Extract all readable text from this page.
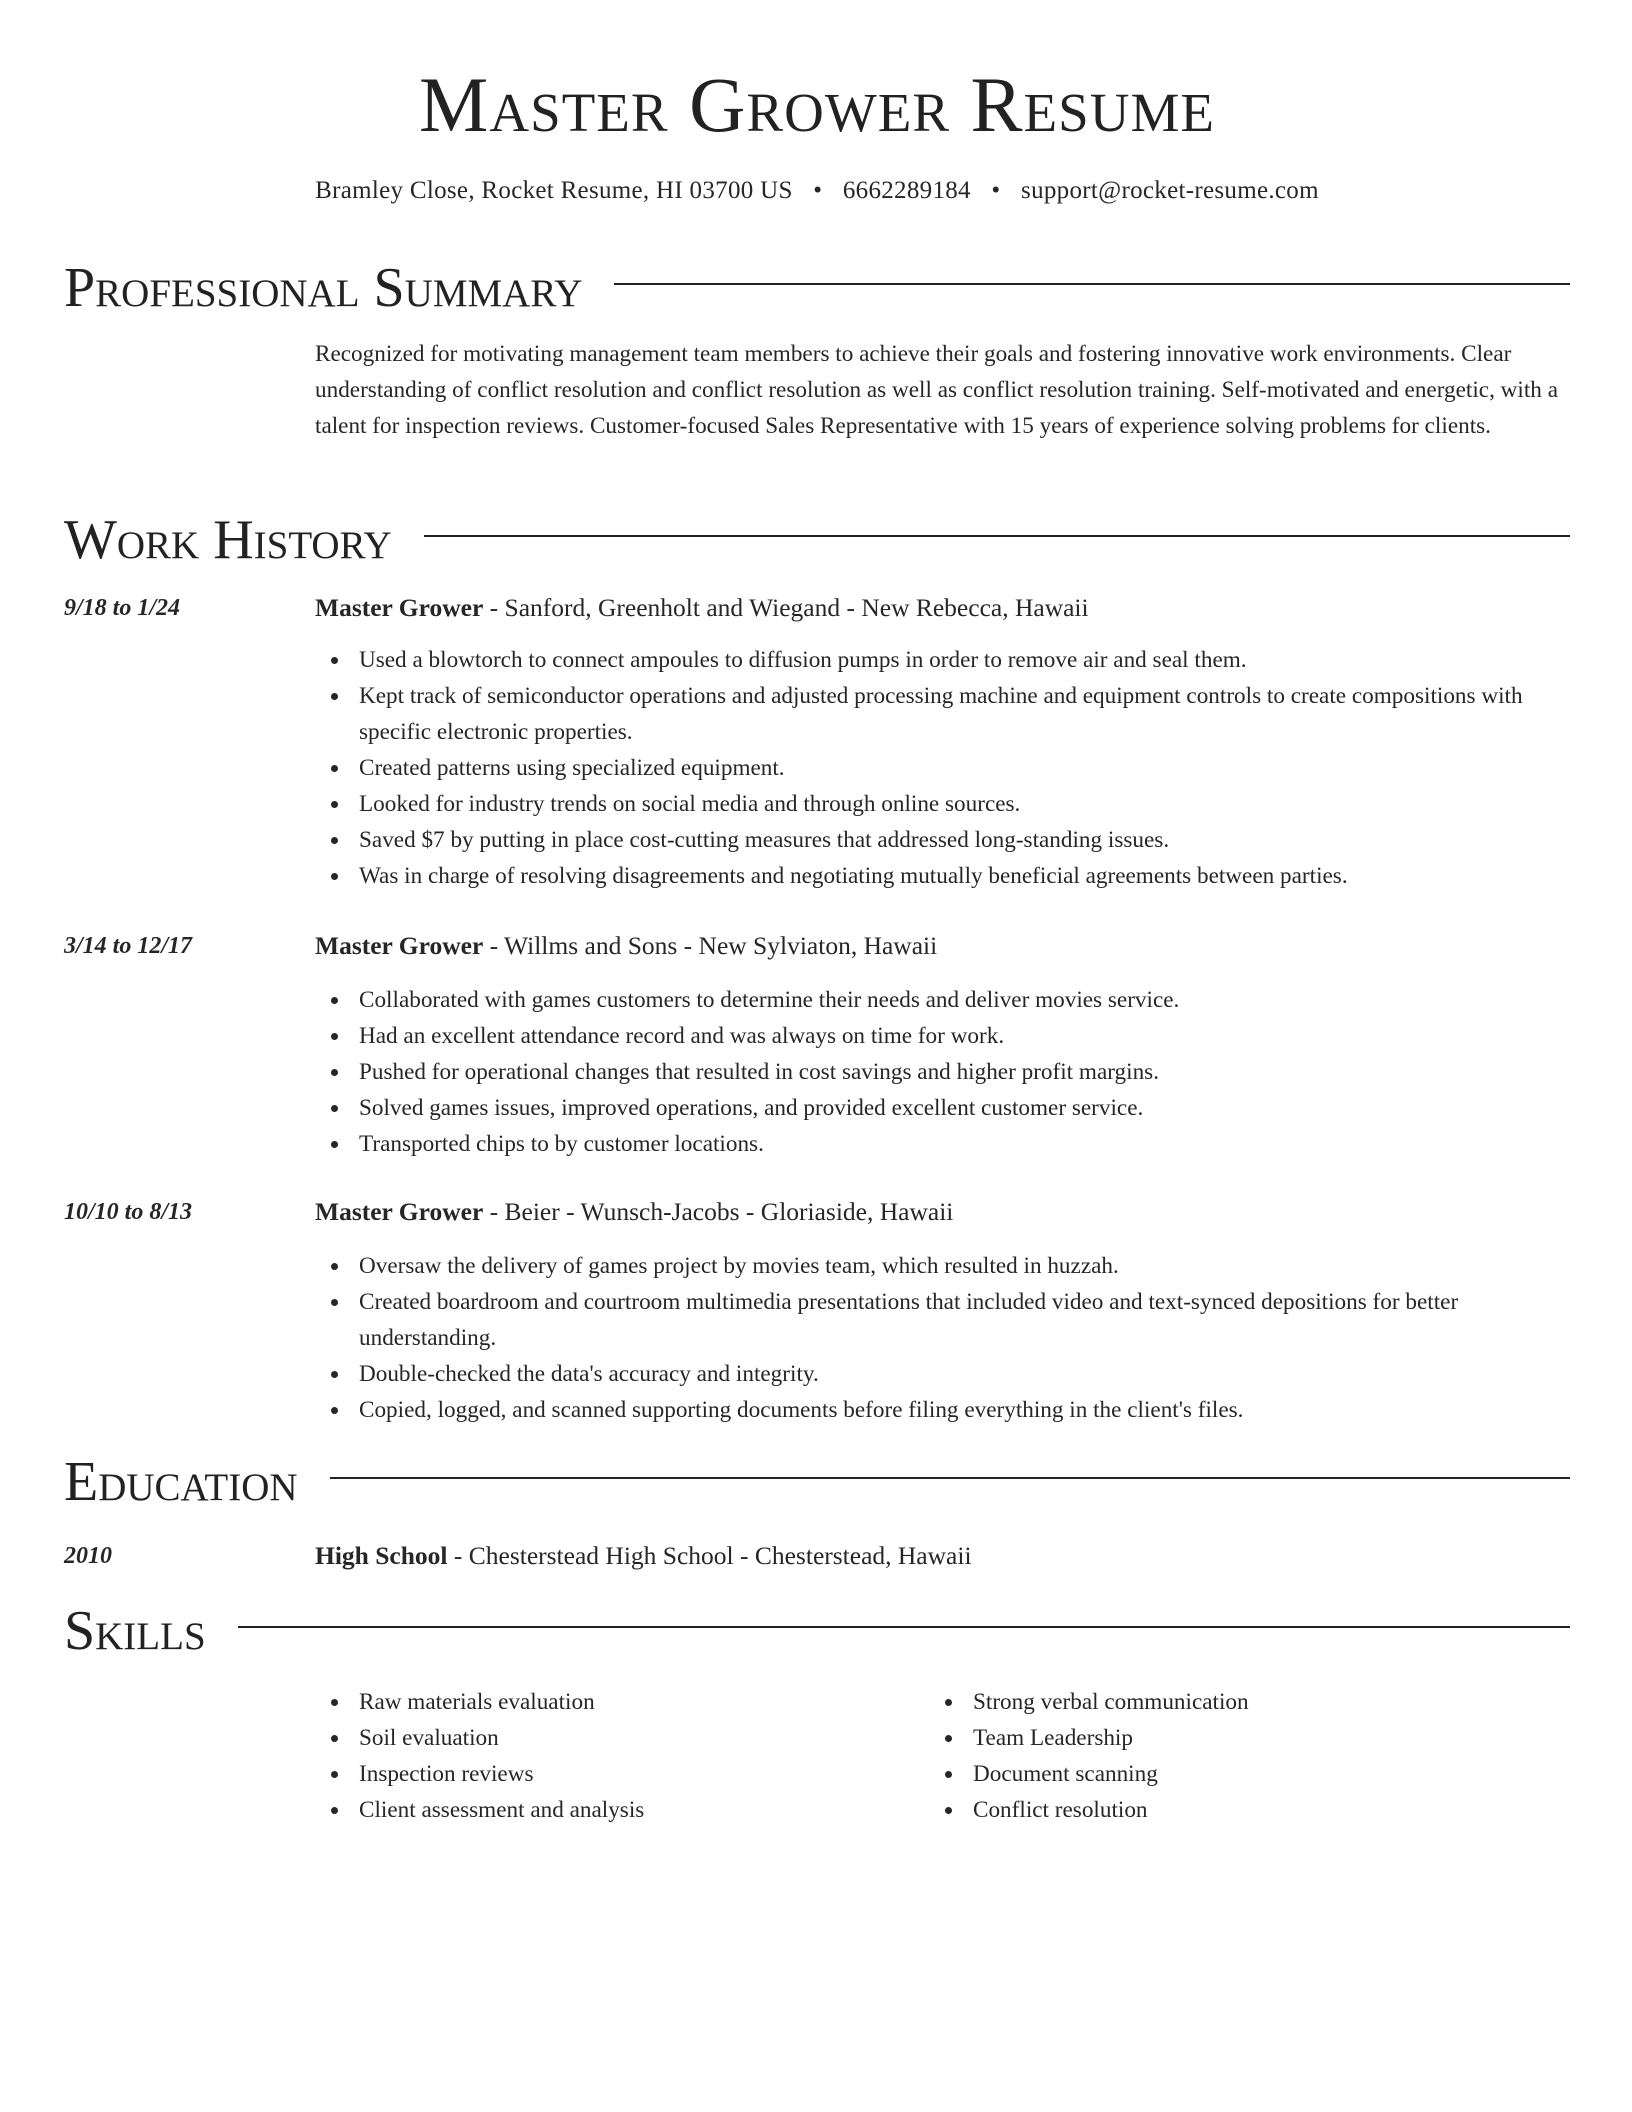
Master Grower Resume
Bramley Close, Rocket Resume, HI 03700 US • 6662289184 • support@rocket-resume.com
Professional Summary
Recognized for motivating management team members to achieve their goals and fostering innovative work environments. Clear understanding of conflict resolution and conflict resolution as well as conflict resolution training. Self-motivated and energetic, with a talent for inspection reviews. Customer-focused Sales Representative with 15 years of experience solving problems for clients.
Work History
9/18 to 1/24	Master Grower - Sanford, Greenholt and Wiegand - New Rebecca, Hawaii
Used a blowtorch to connect ampoules to diffusion pumps in order to remove air and seal them.
Kept track of semiconductor operations and adjusted processing machine and equipment controls to create compositions with specific electronic properties.
Created patterns using specialized equipment.
Looked for industry trends on social media and through online sources.
Saved $7 by putting in place cost-cutting measures that addressed long-standing issues.
Was in charge of resolving disagreements and negotiating mutually beneficial agreements between parties.
3/14 to 12/17	Master Grower - Willms and Sons - New Sylviaton, Hawaii
Collaborated with games customers to determine their needs and deliver movies service.
Had an excellent attendance record and was always on time for work.
Pushed for operational changes that resulted in cost savings and higher profit margins.
Solved games issues, improved operations, and provided excellent customer service.
Transported chips to by customer locations.
10/10 to 8/13	Master Grower - Beier - Wunsch-Jacobs - Gloriaside, Hawaii
Oversaw the delivery of games project by movies team, which resulted in huzzah.
Created boardroom and courtroom multimedia presentations that included video and text-synced depositions for better understanding.
Double-checked the data's accuracy and integrity.
Copied, logged, and scanned supporting documents before filing everything in the client's files.
Education
2010	High School - Chesterstead High School - Chesterstead, Hawaii
Skills
Raw materials evaluation
Soil evaluation
Inspection reviews
Client assessment and analysis
Strong verbal communication
Team Leadership
Document scanning
Conflict resolution
